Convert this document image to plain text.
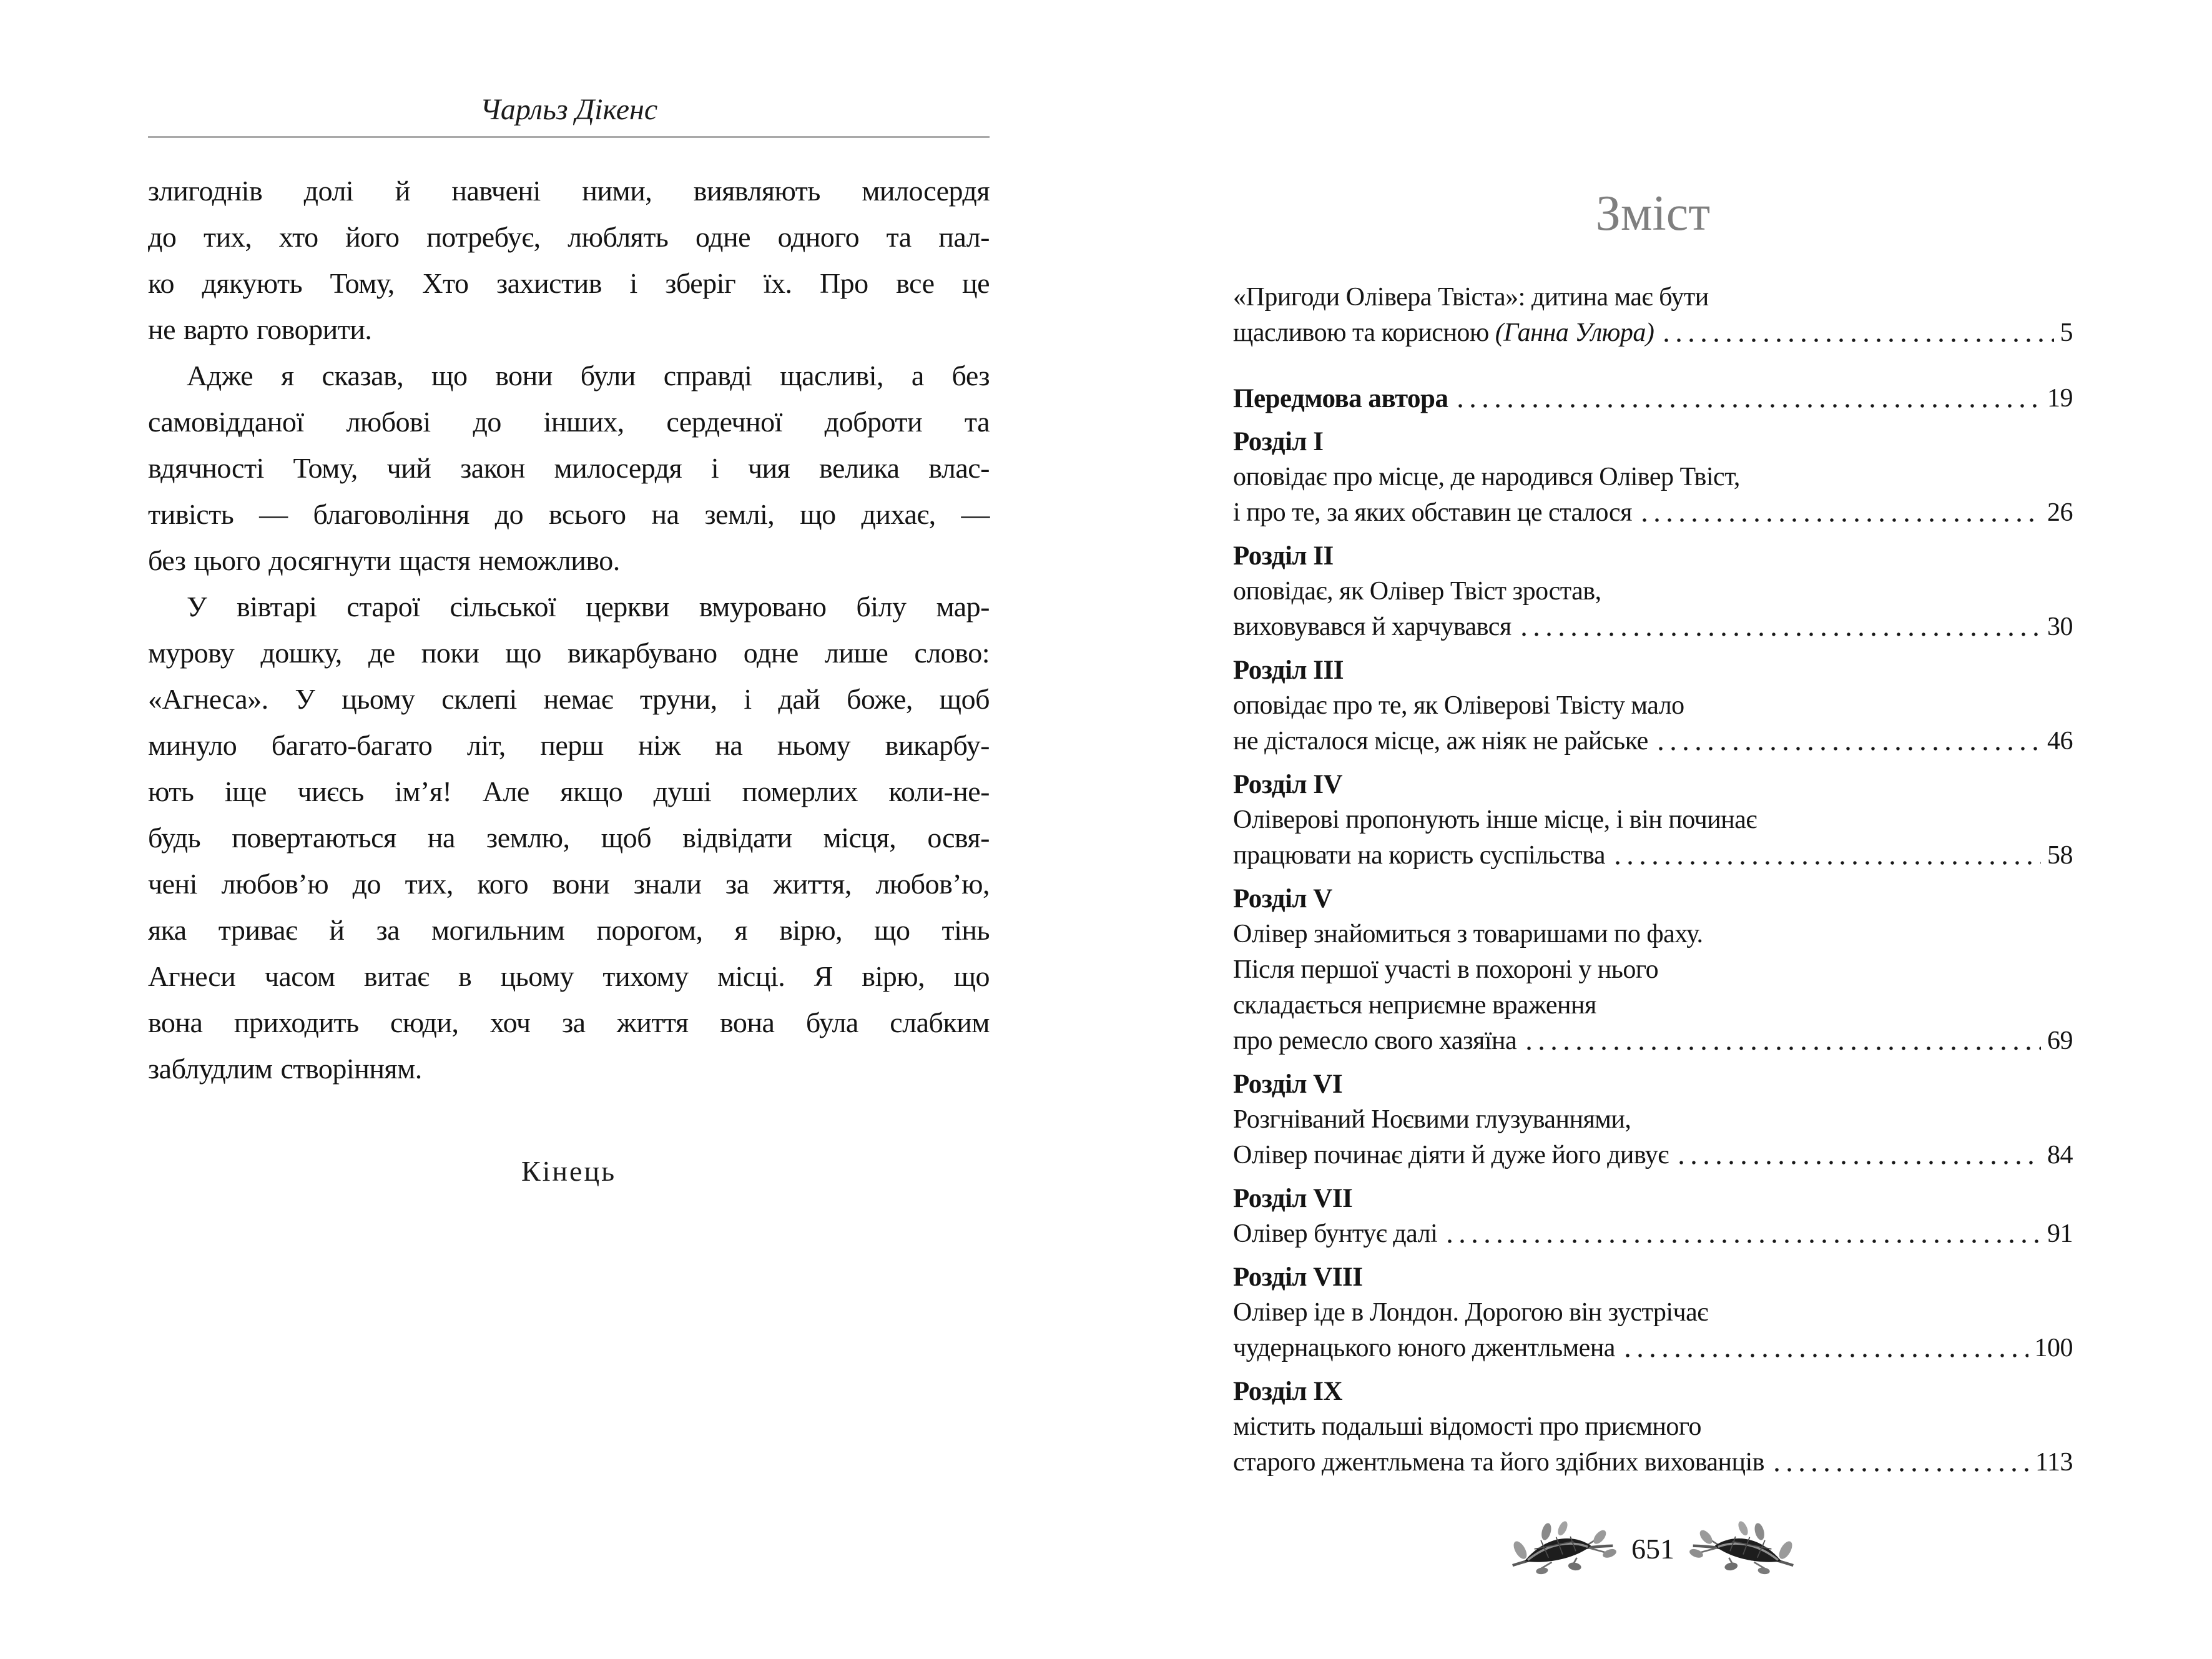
Чарльз Дікенс
злигоднів долі й навчені ними, виявляють милосердя
до тих, хто його потребує, люблять одне одного та пал-
ко дякують Тому, Хто захистив і зберіг їх. Про все це
не варто говорити.
Адже я сказав, що вони були справді щасливі, а без
самовідданої любові до інших, сердечної доброти та
вдячності Тому, чий закон милосердя і чия велика влас-
тивість — благовоління до всього на землі, що дихає, —
без цього досягнути щастя неможливо.
У вівтарі старої сільської церкви вмуровано білу мар-
мурову дошку, де поки що викарбувано одне лише слово:
«Агнеса». У цьому склепі немає труни, і дай боже, щоб
минуло багато-багато літ, перш ніж на ньому викарбу-
ють іще чиєсь ім’я! Але якщо душі померлих коли-не-
будь повертаються на землю, щоб відвідати місця, освя-
чені любов’ю до тих, кого вони знали за життя, любов’ю,
яка триває й за могильним порогом, я вірю, що тінь
Агнеси часом витає в цьому тихому місці. Я вірю, що
вона приходить сюди, хоч за життя вона була слабким
заблудлим створінням.
Кінець
Зміст
«Пригоди Олівера Твіста»: дитина має бути
щасливою та корисною (Ганна Улюра)	5
Передмова автора	19
Розділ I
оповідає про місце, де народився Олівер Твіст,
і про те, за яких обставин це сталося	26
Розділ II
оповідає, як Олівер Твіст зростав,
виховувався й харчувався	30
Розділ III
оповідає про те, як Оліверові Твісту мало
не дісталося місце, аж ніяк не райське	46
Розділ IV
Оліверові пропонують інше місце, і він починає
працювати на користь суспільства	58
Розділ V
Олівер знайомиться з товаришами по фаху.
Після першої участі в похороні у нього
складається неприємне враження
про ремесло свого хазяїна	69
Розділ VI
Розгніваний Ноєвими глузуваннями,
Олівер починає діяти й дуже його дивує	84
Розділ VII
Олівер бунтує далі	91
Розділ VIII
Олівер іде в Лондон. Дорогою він зустрічає
чудернацького юного джентльмена	100
Розділ IX
містить подальші відомості про приємного
старого джентльмена та його здібних вихованців	113
651
